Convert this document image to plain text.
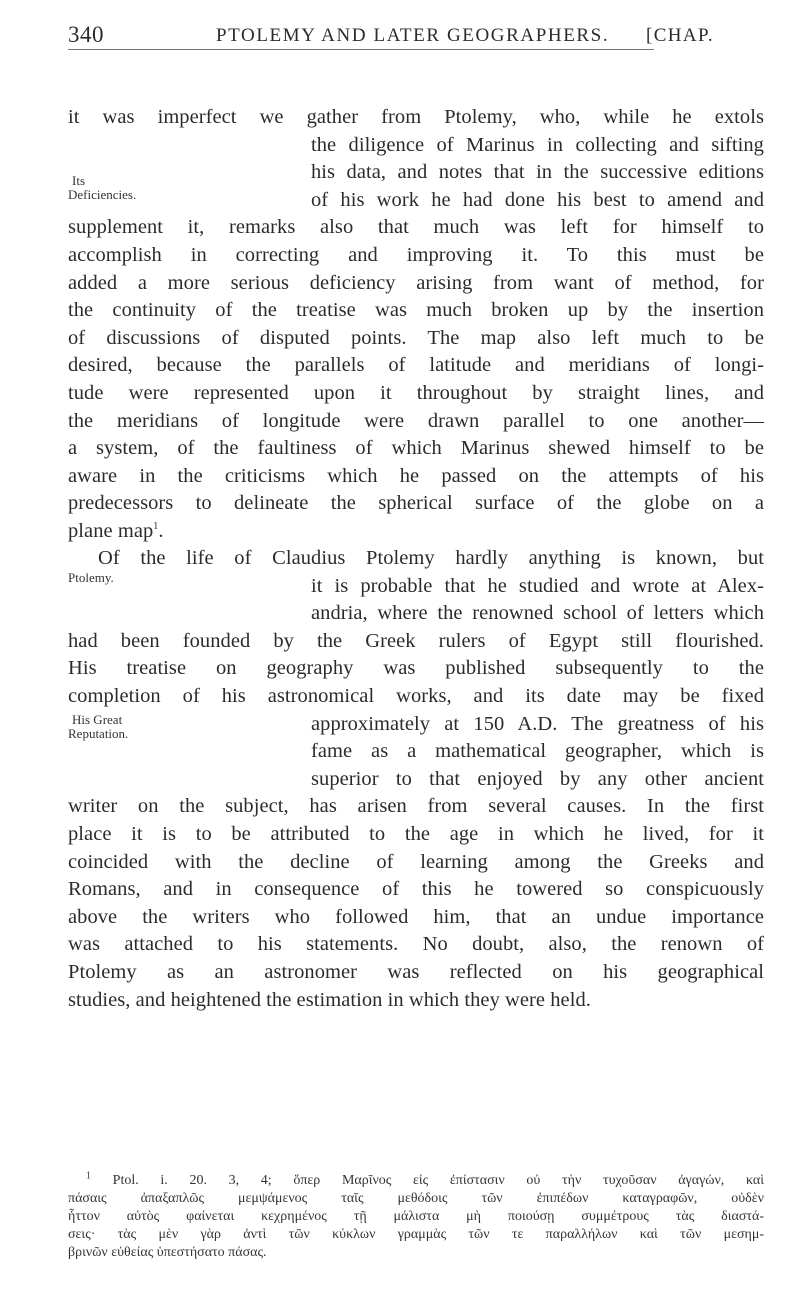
340	PTOLEMY AND LATER GEOGRAPHERS. [CHAP.
Its
Deficiencies.
Ptolemy.
His Great
Reputation.
it was imperfect we gather from Ptolemy, who, while he extols
the diligence of Marinus in collecting and sifting
his data, and notes that in the successive editions
of his work he had done his best to amend and
supplement it, remarks also that much was left for himself to
accomplish in correcting and improving it. To this must be
added a more serious deficiency arising from want of method, for
the continuity of the treatise was much broken up by the insertion
of discussions of disputed points. The map also left much to be
desired, because the parallels of latitude and meridians of longi-
tude were represented upon it throughout by straight lines, and
the meridians of longitude were drawn parallel to one another—
a system, of the faultiness of which Marinus shewed himself to be
aware in the criticisms which he passed on the attempts of his
predecessors to delineate the spherical surface of the globe on a
plane map$^1$.
Of the life of Claudius Ptolemy hardly anything is known, but
it is probable that he studied and wrote at Alex-
andria, where the renowned school of letters which
had been founded by the Greek rulers of Egypt still flourished.
His treatise on geography was published subsequently to the
completion of his astronomical works, and its date may be fixed
approximately at 150 A.D. The greatness of his
fame as a mathematical geographer, which is
superior to that enjoyed by any other ancient
writer on the subject, has arisen from several causes. In the first
place it is to be attributed to the age in which he lived, for it
coincided with the decline of learning among the Greeks and
Romans, and in consequence of this he towered so conspicuously
above the writers who followed him, that an undue importance
was attached to his statements. No doubt, also, the renown of
Ptolemy as an astronomer was reflected on his geographical
studies, and heightened the estimation in which they were held.
$^1$ Ptol. i. 20. 3, 4; ὅπερ Μαρῖνος εἰς ἐπίστασιν οὐ τὴν τυχοῦσαν ἀγαγών, καὶ
πάσαις ἀπαξαπλῶς μεμψάμενος ταῖς μεθόδοις τῶν ἐπιπέδων καταγραφῶν, οὐδὲν
ἧττον αὐτὸς φαίνεται κεχρημένος τῇ μάλιστα μὴ ποιούσῃ συμμέτρους τὰς διαστά-
σεις· τὰς μὲν γὰρ ἀντὶ τῶν κύκλων γραμμὰς τῶν τε παραλλήλων καὶ τῶν μεσημ-
βρινῶν εὐθείας ὑπεστήσατο πάσας.
